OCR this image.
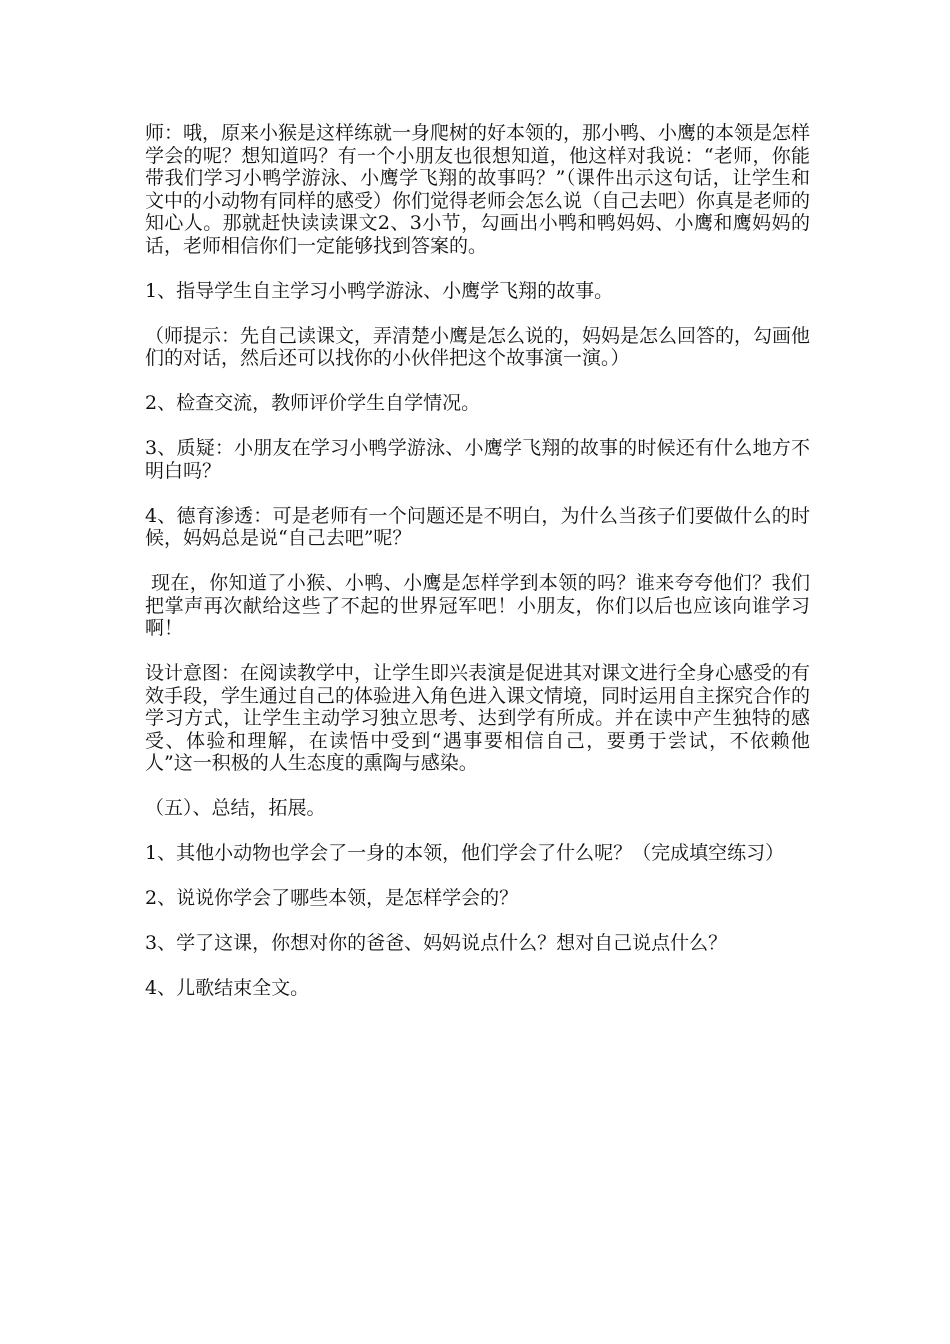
师：哦，原来小猴是这样练就一身爬树的好本领的，那小鸭、小鹰的本领是怎样学会的呢？想知道吗？有一个小朋友也很想知道，他这样对我说：“老师，你能带我们学习小鸭学游泳、小鹰学飞翔的故事吗？”（课件出示这句话，让学生和文中的小动物有同样的感受）你们觉得老师会怎么说（自己去吧）你真是老师的知心人。那就赶快读读课文2、3小节，勾画出小鸭和鸭妈妈、小鹰和鹰妈妈的话，老师相信你们一定能够找到答案的。

1、指导学生自主学习小鸭学游泳、小鹰学飞翔的故事。

（师提示：先自己读课文，弄清楚小鹰是怎么说的，妈妈是怎么回答的，勾画他们的对话，然后还可以找你的小伙伴把这个故事演一演。）

2、检查交流，教师评价学生自学情况。

3、质疑：小朋友在学习小鸭学游泳、小鹰学飞翔的故事的时候还有什么地方不明白吗？

4、德育渗透：可是老师有一个问题还是不明白，为什么当孩子们要做什么的时候，妈妈总是说“自己去吧”呢？

现在，你知道了小猴、小鸭、小鹰是怎样学到本领的吗？谁来夸夸他们？我们把掌声再次献给这些了不起的世界冠军吧！小朋友，你们以后也应该向谁学习啊！

设计意图：在阅读教学中，让学生即兴表演是促进其对课文进行全身心感受的有效手段，学生通过自己的体验进入角色进入课文情境，同时运用自主探究合作的学习方式，让学生主动学习独立思考、达到学有所成。并在读中产生独特的感受、体验和理解，在读悟中受到“遇事要相信自己，要勇于尝试，不依赖他人”这一积极的人生态度的熏陶与感染。

（五）、总结，拓展。

1、其他小动物也学会了一身的本领，他们学会了什么呢？（完成填空练习）

2、说说你学会了哪些本领，是怎样学会的？

3、学了这课，你想对你的爸爸、妈妈说点什么？想对自己说点什么？

4、儿歌结束全文。
